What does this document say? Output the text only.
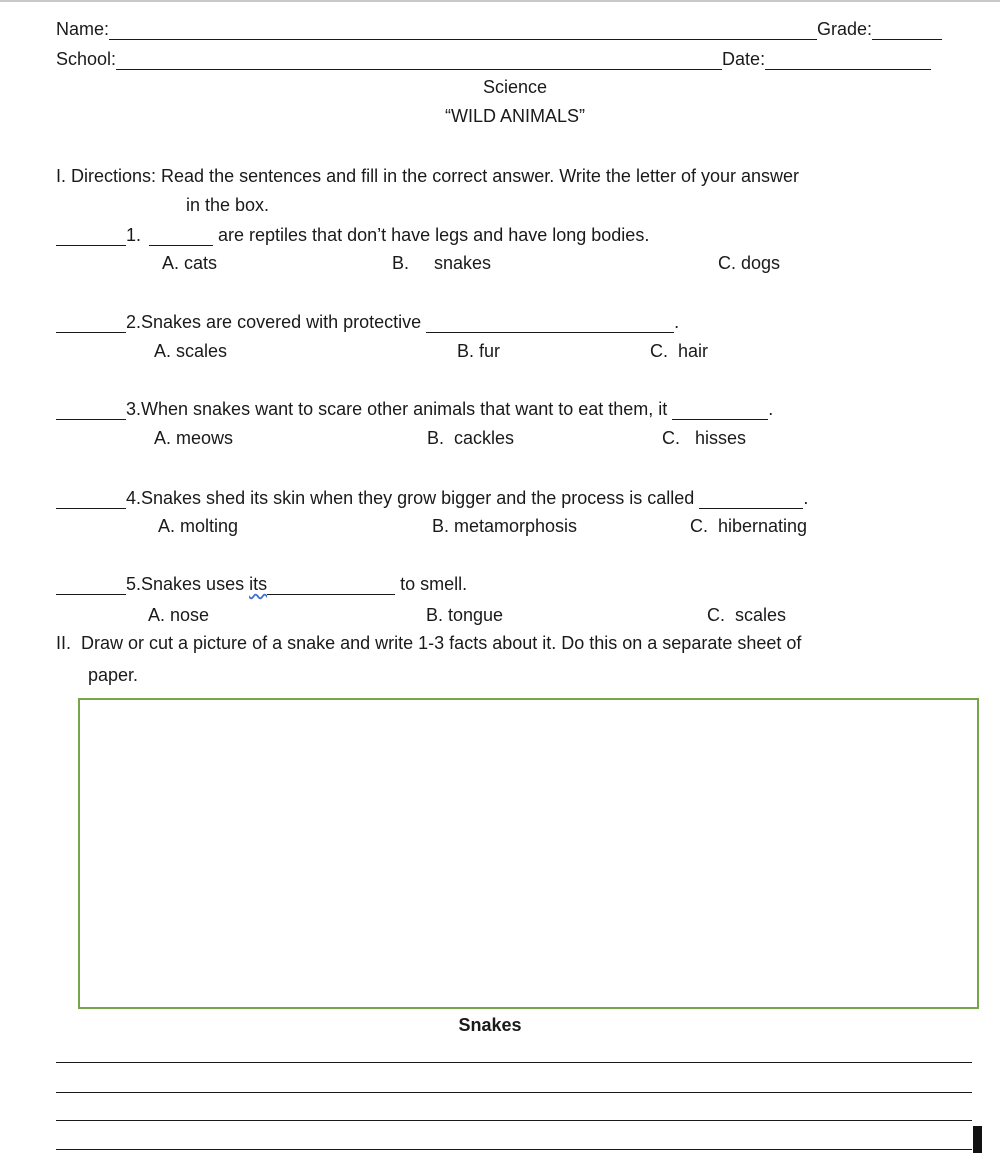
Name:	Grade:
School:	Date:
Science
“WILD ANIMALS”
I. Directions: Read the sentences and fill in the correct answer. Write the letter of your answer
in the box.
1.	are reptiles that don’t have legs and have long bodies.
A. cats	B.     snakes	C. dogs
2. Snakes are covered with protective	.
A. scales	B. fur	C.  hair
3. When snakes want to scare other animals that want to eat them, it	.
A. meows	B.  cackles	C.   hisses
4. Snakes shed its skin when they grow bigger and the process is called	.
A. molting	B. metamorphosis	C.  hibernating
5. Snakes uses its	to smell.
A. nose	B. tongue	C.  scales
II.  Draw or cut a picture of a snake and write 1-3 facts about it. Do this on a separate sheet of
paper.
Snakes
